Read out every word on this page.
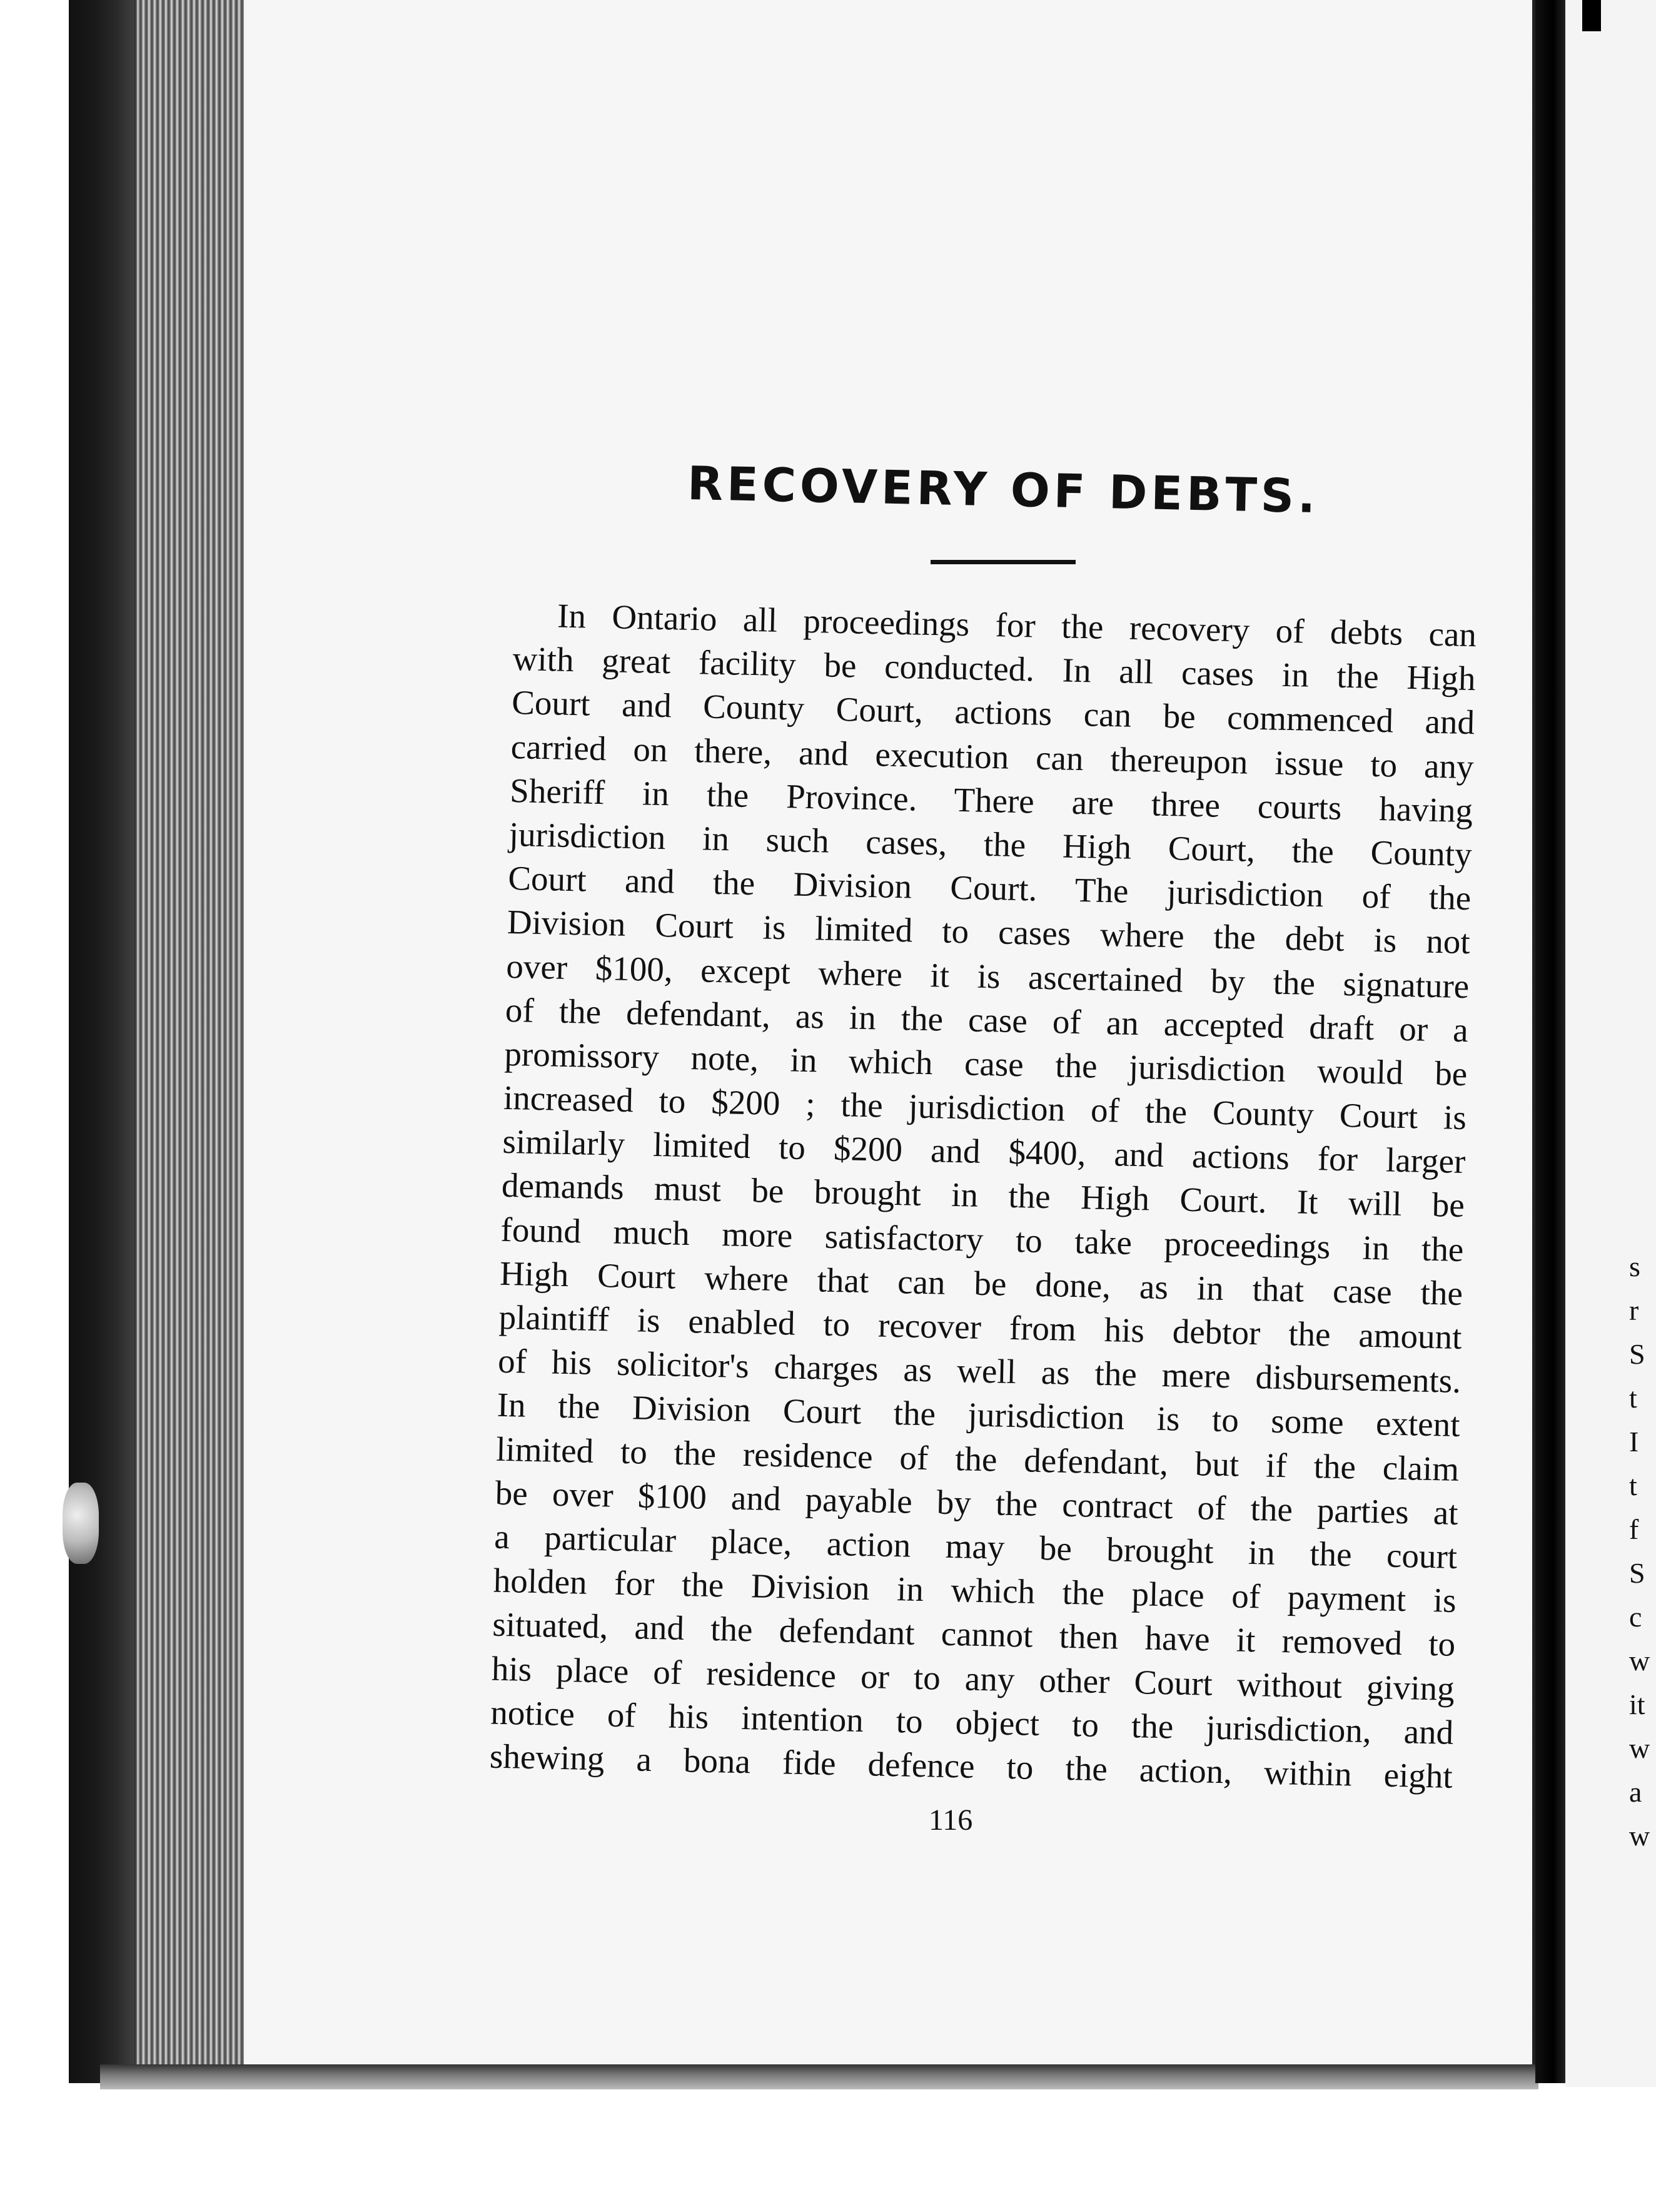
s
r
S
t
I
t
f
S
c
w
it
w
a
w
RECOVERY OF DEBTS.
In Ontario all proceedings for the recovery of debts can
with great facility be conducted. In all cases in the High
Court and County Court, actions can be commenced and
carried on there, and execution can thereupon issue to any
Sheriff in the Province. There are three courts having
jurisdiction in such cases, the High Court, the County
Court and the Division Court. The jurisdiction of the
Division Court is limited to cases where the debt is not
over $100, except where it is ascertained by the signature
of the defendant, as in the case of an accepted draft or a
promissory note, in which case the jurisdiction would be
increased to $200 ; the jurisdiction of the County Court is
similarly limited to $200 and $400, and actions for larger
demands must be brought in the High Court. It will be
found much more satisfactory to take proceedings in the
High Court where that can be done, as in that case the
plaintiff is enabled to recover from his debtor the amount
of his solicitor's charges as well as the mere disbursements.
In the Division Court the jurisdiction is to some extent
limited to the residence of the defendant, but if the claim
be over $100 and payable by the contract of the parties at
a particular place, action may be brought in the court
holden for the Division in which the place of payment is
situated, and the defendant cannot then have it removed to
his place of residence or to any other Court without giving
notice of his intention to object to the jurisdiction, and
shewing a bona fide defence to the action, within eight
116
